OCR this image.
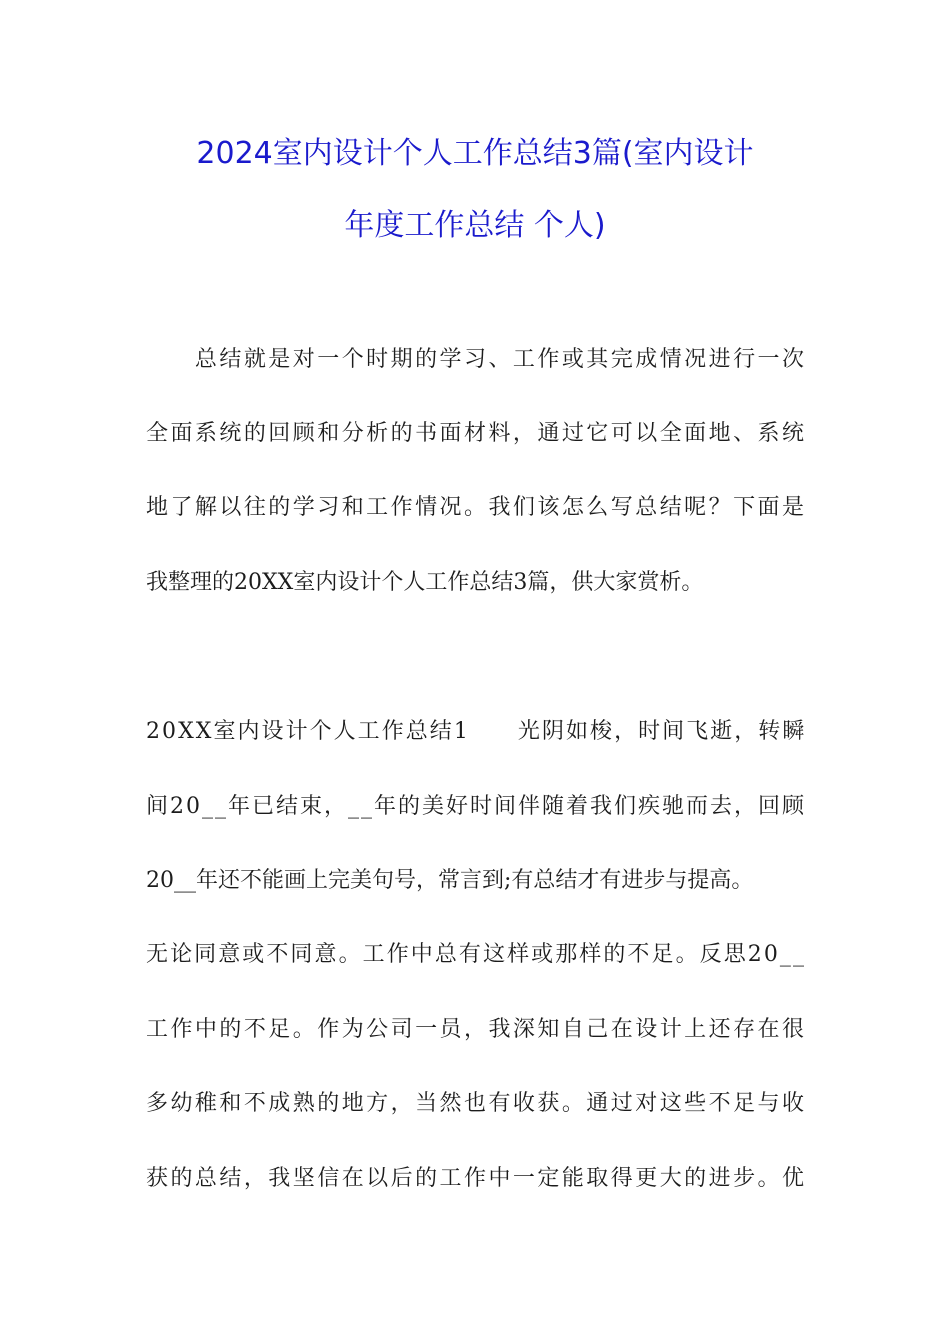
2024室内设计个人工作总结3篇(室内设计
年度工作总结 个人)
　　总结就是对一个时期的学习、工作或其完成情况进行一次
全面系统的回顾和分析的书面材料，通过它可以全面地、系统
地了解以往的学习和工作情况。我们该怎么写总结呢？下面是
我整理的20XX室内设计个人工作总结3篇，供大家赏析。
20XX室内设计个人工作总结1　　光阴如梭，时间飞逝，转瞬
间20__年已结束，__年的美好时间伴随着我们疾驰而去，回顾
20__年还不能画上完美句号，常言到;有总结才有进步与提高。
无论同意或不同意。工作中总有这样或那样的不足。反思20__
工作中的不足。作为公司一员，我深知自己在设计上还存在很
多幼稚和不成熟的地方，当然也有收获。通过对这些不足与收
获的总结，我坚信在以后的工作中一定能取得更大的进步。优
